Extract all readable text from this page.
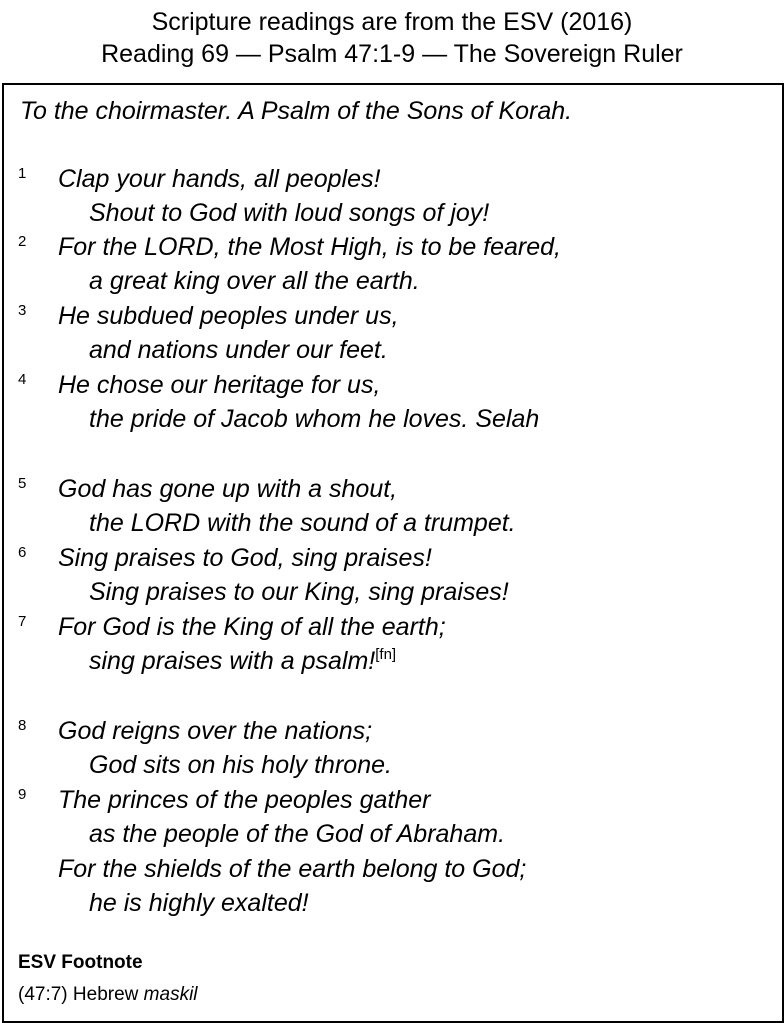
Scripture readings are from the ESV (2016)
Reading 69 — Psalm 47:1-9 — The Sovereign Ruler
To the choirmaster. A Psalm of the Sons of Korah.
1 Clap your hands, all peoples!
Shout to God with loud songs of joy!
2 For the LORD, the Most High, is to be feared,
a great king over all the earth.
3 He subdued peoples under us,
and nations under our feet.
4 He chose our heritage for us,
the pride of Jacob whom he loves. Selah
5 God has gone up with a shout,
the LORD with the sound of a trumpet.
6 Sing praises to God, sing praises!
Sing praises to our King, sing praises!
7 For God is the King of all the earth;
sing praises with a psalm![fn]
8 God reigns over the nations;
God sits on his holy throne.
9 The princes of the peoples gather
as the people of the God of Abraham.
For the shields of the earth belong to God;
he is highly exalted!
ESV Footnote
(47:7) Hebrew maskil
